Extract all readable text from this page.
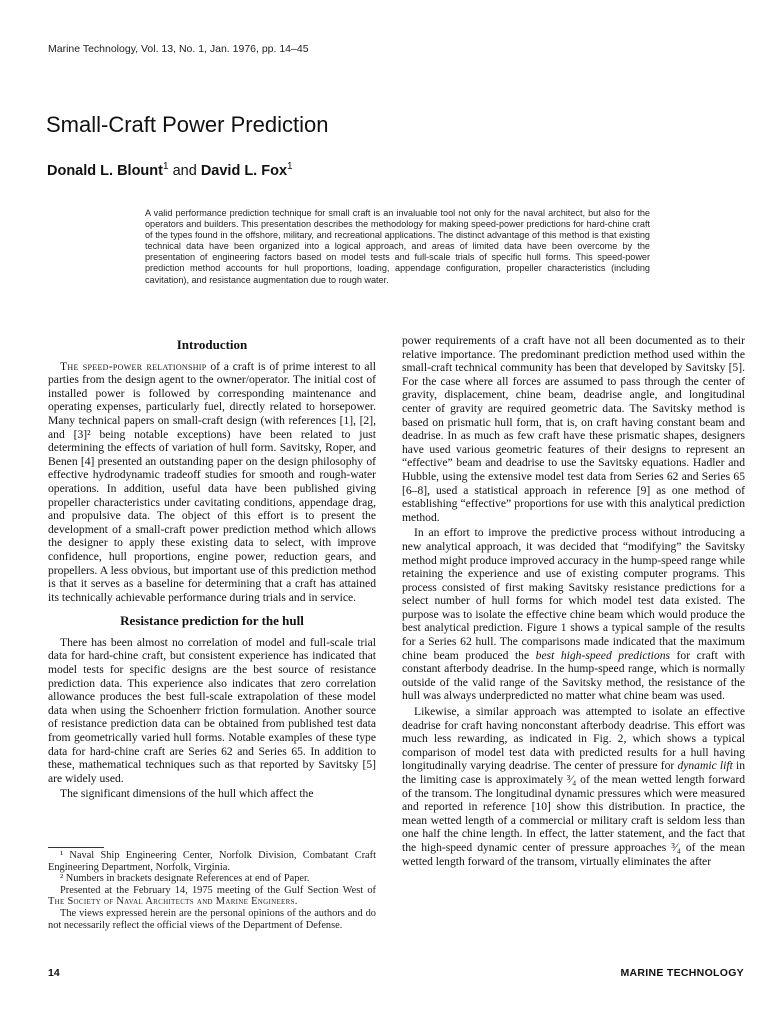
Marine Technology, Vol. 13, No. 1, Jan. 1976, pp. 14–45
Small-Craft Power Prediction
Donald L. Blount$^1$ and David L. Fox$^1$

A valid performance prediction technique for small craft is an invaluable tool not only for the naval architect, but also for the operators and builders. This presentation describes the methodology for making speed-power predictions for hard-chine craft of the types found in the offshore, military, and recreational applications. The distinct advantage of this method is that existing technical data have been organized into a logical approach, and areas of limited data have been overcome by the presentation of engineering factors based on model tests and full-scale trials of specific hull forms. This speed-power prediction method accounts for hull proportions, loading, appendage configuration, propeller characteristics (including cavitation), and resistance augmentation due to rough water.

Introduction

The speed-power relationship of a craft is of prime interest to all parties from the design agent to the owner/operator. The initial cost of installed power is followed by corresponding maintenance and operating expenses, particularly fuel, directly related to horsepower. Many technical papers on small-craft design (with references [1], [2], and [3]² being notable exceptions) have been related to just determining the effects of variation of hull form. Savitsky, Roper, and Benen [4] presented an outstanding paper on the design philosophy of effective hydrodynamic tradeoff studies for smooth and rough-water operations. In addition, useful data have been published giving propeller characteristics under cavitating conditions, appendage drag, and propulsive data. The object of this effort is to present the development of a small-craft power prediction method which allows the designer to apply these existing data to select, with improve confidence, hull proportions, engine power, reduction gears, and propellers. A less obvious, but important use of this prediction method is that it serves as a baseline for determining that a craft has attained its technically achievable performance during trials and in service.

Resistance prediction for the hull

There has been almost no correlation of model and full-scale trial data for hard-chine craft, but consistent experience has indicated that model tests for specific designs are the best source of resistance prediction data. This experience also indicates that zero correlation allowance produces the best full-scale extrapolation of these model data when using the Schoenherr friction formulation. Another source of resistance prediction data can be obtained from published test data from geometrically varied hull forms. Notable examples of these type data for hard-chine craft are Series 62 and Series 65. In addition to these, mathematical techniques such as that reported by Savitsky [5] are widely used.

The significant dimensions of the hull which affect the

¹ Naval Ship Engineering Center, Norfolk Division, Combatant Craft Engineering Department, Norfolk, Virginia.

² Numbers in brackets designate References at end of Paper.

Presented at the February 14, 1975 meeting of the Gulf Section West of The Society of Naval Architects and Marine Engineers.

The views expressed herein are the personal opinions of the authors and do not necessarily reflect the official views of the Department of Defense.

power requirements of a craft have not all been documented as to their relative importance. The predominant prediction method used within the small-craft technical community has been that developed by Savitsky [5]. For the case where all forces are assumed to pass through the center of gravity, displacement, chine beam, deadrise angle, and longitudinal center of gravity are required geometric data. The Savitsky method is based on prismatic hull form, that is, on craft having constant beam and deadrise. In as much as few craft have these prismatic shapes, designers have used various geometric features of their designs to represent an “effective” beam and deadrise to use the Savitsky equations. Hadler and Hubble, using the extensive model test data from Series 62 and Series 65 [6–8], used a statistical approach in reference [9] as one method of establishing “effective” proportions for use with this analytical prediction method.

In an effort to improve the predictive process without introducing a new analytical approach, it was decided that “modifying” the Savitsky method might produce improved accuracy in the hump-speed range while retaining the experience and use of existing computer programs. This process consisted of first making Savitsky resistance predictions for a select number of hull forms for which model test data existed. The purpose was to isolate the effective chine beam which would produce the best analytical prediction. Figure 1 shows a typical sample of the results for a Series 62 hull. The comparisons made indicated that the maximum chine beam produced the best high-speed predictions for craft with constant afterbody deadrise. In the hump-speed range, which is normally outside of the valid range of the Savitsky method, the resistance of the hull was always underpredicted no matter what chine beam was used.

Likewise, a similar approach was attempted to isolate an effective deadrise for craft having nonconstant afterbody deadrise. This effort was much less rewarding, as indicated in Fig. 2, which shows a typical comparison of model test data with predicted results for a hull having longitudinally varying deadrise. The center of pressure for dynamic lift in the limiting case is approximately ³⁄₄ of the mean wetted length forward of the transom. The longitudinal dynamic pressures which were measured and reported in reference [10] show this distribution. In practice, the mean wetted length of a commercial or military craft is seldom less than one half the chine length. In effect, the latter statement, and the fact that the high-speed dynamic center of pressure approaches ³⁄₄ of the mean wetted length forward of the transom, virtually eliminates the after

14	MARINE TECHNOLOGY
